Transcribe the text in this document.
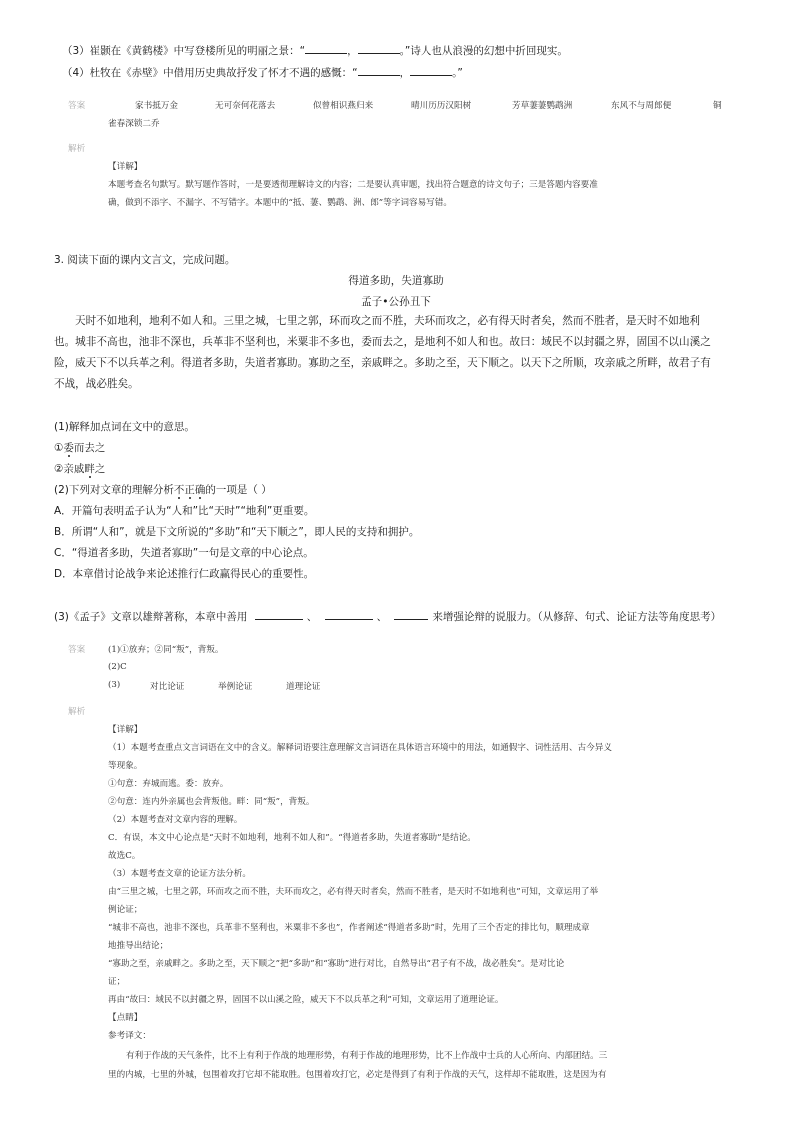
（3）崔颢在《黄鹤楼》中写登楼所见的明丽之景：“	，	。”诗人也从浪漫的幻想中折回现实。
（4）杜牧在《赤壁》中借用历史典故抒发了怀才不遇的感慨：“	，	。”
答案	家书抵万金	无可奈何花落去	似曾相识燕归来	晴川历历汉阳树	芳草萋萋鹦鹉洲	东风不与周郎便	铜
雀春深锁二乔
解析
【详解】
本题考查名句默写。默写题作答时，一是要透彻理解诗文的内容；二是要认真审题，找出符合题意的诗文句子；三是答题内容要准
确，做到不添字、不漏字、不写错字。本题中的“抵、萋、鹦鹉、洲、郎”等字词容易写错。
3. 阅读下面的课内文言文，完成问题。
得道多助，失道寡助
孟子•公孙丑下
天时不如地利，地利不如人和。三里之城，七里之郭，环而攻之而不胜，夫环而攻之，必有得天时者矣，然而不胜者，是天时不如地利
也。城非不高也，池非不深也，兵革非不坚利也，米粟非不多也，委而去之，是地利不如人和也。故曰：域民不以封疆之界，固国不以山溪之
险，威天下不以兵革之利。得道者多助，失道者寡助。寡助之至，亲戚畔之。多助之至，天下顺之。以天下之所顺，攻亲戚之所畔，故君子有
不战，战必胜矣。
(1)解释加点词在文中的意思。
①委而去之
②亲戚畔之
(2)下列对文章的理解分析不正确的一项是（ ）
A．开篇句表明孟子认为“人和”比“天时”“地利”更重要。
B．所谓“人和”，就是下文所说的“多助”和“天下顺之”，即人民的支持和拥护。
C．“得道者多助，失道者寡助”一句是文章的中心论点。
D．本章借讨论战争来论述推行仁政赢得民心的重要性。
(3)《孟子》文章以雄辩著称，本章中善用	、	、	来增强论辩的说服力。（从修辞、句式、论证方法等角度思考）
答案	(1)①放弃；②同“叛”，背叛。
(2)C
(3)	对比论证	举例论证	道理论证
解析
【详解】
（1）本题考查重点文言词语在文中的含义。解释词语要注意理解文言词语在具体语言环境中的用法，如通假字、词性活用、古今异义
等现象。
①句意：弃城而逃。委：放弃。
②句意：连内外亲属也会背叛他。畔：同“叛”，背叛。
（2）本题考查对文章内容的理解。
C．有误，本文中心论点是“天时不如地利，地利不如人和”。“得道者多助，失道者寡助”是结论。
故选C。
（3）本题考查文章的论证方法分析。
由“三里之城，七里之郭，环而攻之而不胜，夫环而攻之，必有得天时者矣，然而不胜者，是天时不如地利也”可知，文章运用了举
例论证；
“城非不高也，池非不深也，兵革非不坚利也，米粟非不多也”，作者阐述“得道者多助”时，先用了三个否定的排比句，顺理成章
地推导出结论；
“寡助之至，亲戚畔之。多助之至，天下顺之”把“多助”和“寡助”进行对比，自然导出“君子有不战，战必胜矣”。是对比论
证；
再由“故曰：域民不以封疆之界，固国不以山溪之险，威天下不以兵革之利”可知，文章运用了道理论证。
【点睛】
参考译文：
有利于作战的天气条件，比不上有利于作战的地理形势，有利于作战的地理形势，比不上作战中士兵的人心所向、内部团结。三
里的内城，七里的外城，包围着攻打它却不能取胜。包围着攻打它，必定是得到了有利于作战的天气，这样却不能取胜，这是因为有
